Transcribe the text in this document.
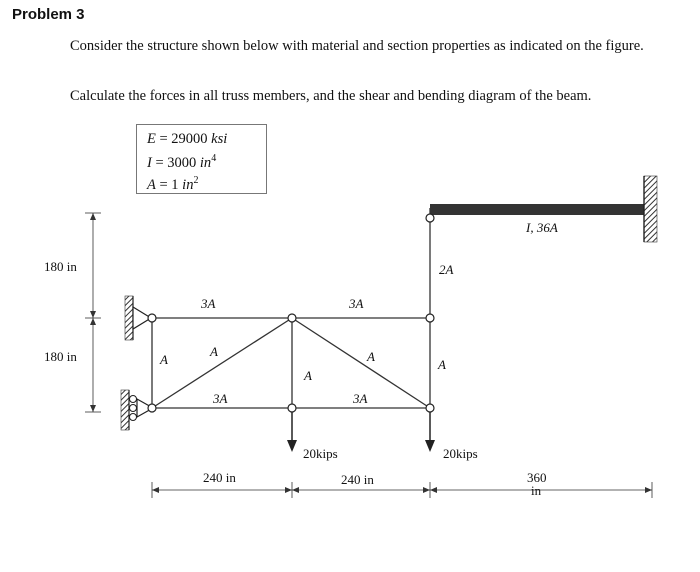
Problem 3
Consider the structure shown below with material and section properties as indicated on the figure.
Calculate the forces in all truss members, and the shear and bending diagram of the beam.
E = 29000 ksi
I = 3000 $in^4$
A = 1 $in^2$
180 in
180 in
3A	3A
3A	3A
A
A
A
A
A
2A
I, 36A
20kips	20kips
240 in	240 in	360
in
